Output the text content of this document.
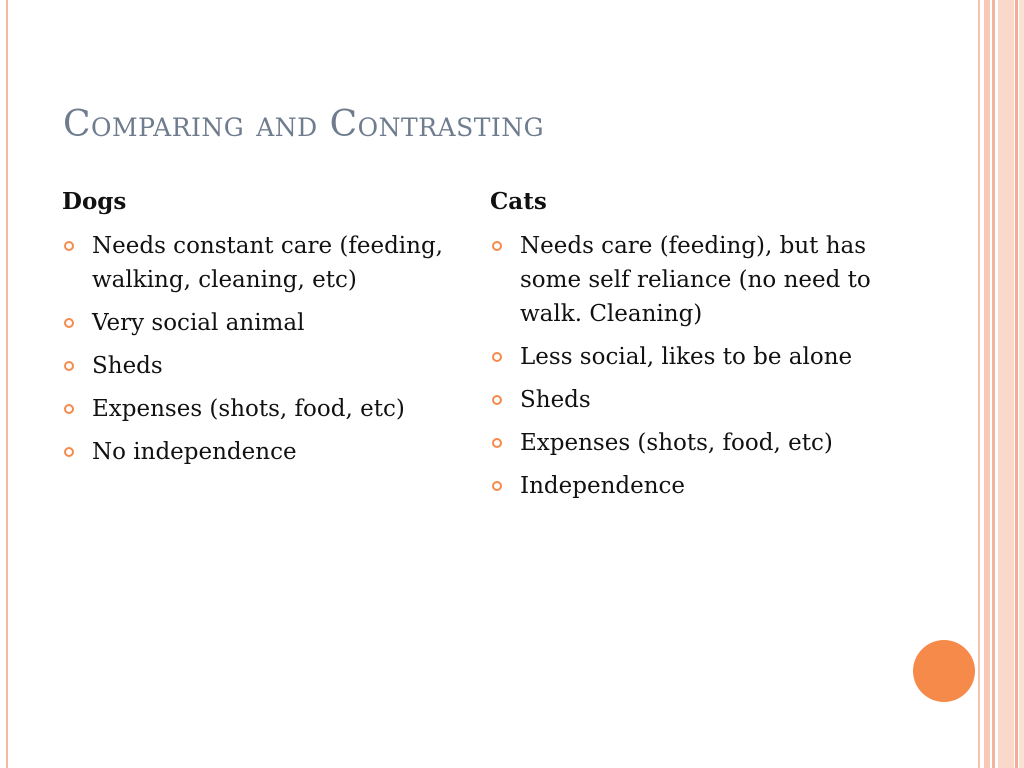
Comparing and Contrasting
Dogs
Needs constant care (feeding, walking, cleaning, etc)
Very social animal
Sheds
Expenses (shots, food, etc)
No independence
Cats
Needs care (feeding), but has some self reliance (no need to walk. Cleaning)
Less social, likes to be alone
Sheds
Expenses (shots, food, etc)
Independence
